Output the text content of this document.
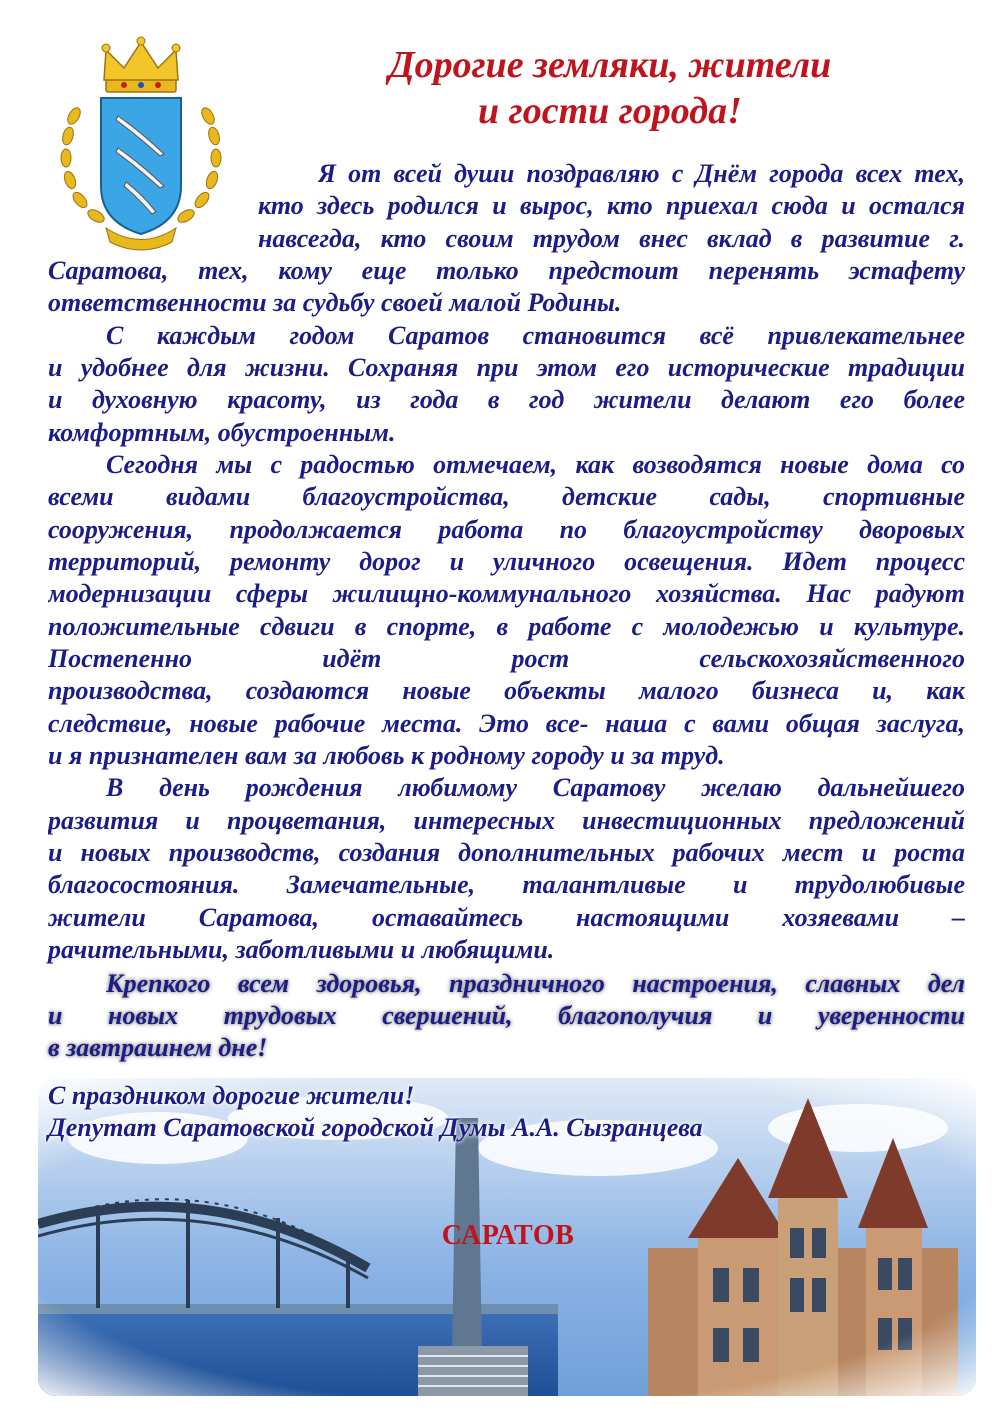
Дорогие земляки, жители
и гости города!
Я от всей души поздравляю с Днём города всех тех,
кто здесь родился и вырос, кто приехал сюда и остался
навсегда, кто своим трудом внес вклад в развитие г.
Саратова, тех, кому еще только предстоит перенять эстафету
ответственности за судьбу своей малой Родины.
С каждым годом Саратов становится всё привлекательнее
и удобнее для жизни. Сохраняя при этом его исторические традиции
и духовную красоту, из года в год жители делают его более
комфортным, обустроенным.
Сегодня мы с радостью отмечаем, как возводятся новые дома со
всеми видами благоустройства, детские сады, спортивные
сооружения, продолжается работа по благоустройству дворовых
территорий, ремонту дорог и уличного освещения. Идет процесс
модернизации сферы жилищно-коммунального хозяйства. Нас радуют
положительные сдвиги в спорте, в работе с молодежью и культуре.
Постепенно идёт рост сельскохозяйственного
производства, создаются новые объекты малого бизнеса и, как
следствие, новые рабочие места. Это все- наша с вами общая заслуга,
и я признателен вам за любовь к родному городу и за труд.
В день рождения любимому Саратову желаю дальнейшего
развития и процветания, интересных инвестиционных предложений
и новых производств, создания дополнительных рабочих мест и роста
благосостояния. Замечательные, талантливые и трудолюбивые
жители Саратова, оставайтесь настоящими хозяевами –
рачительными, заботливыми и любящими.
Крепкого всем здоровья, праздничного настроения, славных дел
и новых трудовых свершений, благополучия и уверенности
в завтрашнем дне!
С праздником дорогие жители!
Депутат Саратовской городской Думы А.А. Сызранцева
САРАТОВ
